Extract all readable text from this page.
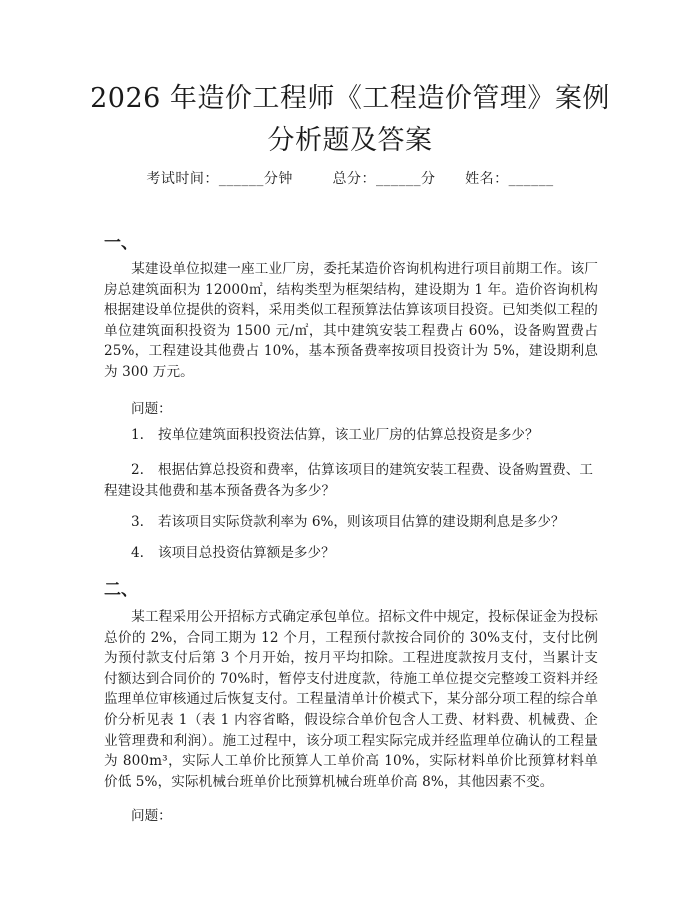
2026 年造价工程师《工程造价管理》案例分析题及答案
考试时间：______分钟	总分：______分 姓名：______
一、
某建设单位拟建一座工业厂房，委托某造价咨询机构进行项目前期工作。该厂房总建筑面积为 12000㎡，结构类型为框架结构，建设期为 1 年。造价咨询机构根据建设单位提供的资料，采用类似工程预算法估算该项目投资。已知类似工程的单位建筑面积投资为 1500 元/㎡，其中建筑安装工程费占 60%，设备购置费占 25%，工程建设其他费占 10%，基本预备费率按项目投资计为 5%，建设期利息为 300 万元。
问题：
1. 按单位建筑面积投资法估算，该工业厂房的估算总投资是多少？
2. 根据估算总投资和费率，估算该项目的建筑安装工程费、设备购置费、工程建设其他费和基本预备费各为多少？
3. 若该项目实际贷款利率为 6%，则该项目估算的建设期利息是多少？
4. 该项目总投资估算额是多少？
二、
某工程采用公开招标方式确定承包单位。招标文件中规定，投标保证金为投标总价的 2%，合同工期为 12 个月，工程预付款按合同价的 30%支付，支付比例为预付款支付后第 3 个月开始，按月平均扣除。工程进度款按月支付，当累计支付额达到合同价的 70%时，暂停支付进度款，待施工单位提交完整竣工资料并经监理单位审核通过后恢复支付。工程量清单计价模式下，某分部分项工程的综合单价分析见表 1（表 1 内容省略，假设综合单价包含人工费、材料费、机械费、企业管理费和利润）。施工过程中，该分项工程实际完成并经监理单位确认的工程量为 800m³，实际人工单价比预算人工单价高 10%，实际材料单价比预算材料单价低 5%，实际机械台班单价比预算机械台班单价高 8%，其他因素不变。
问题：
